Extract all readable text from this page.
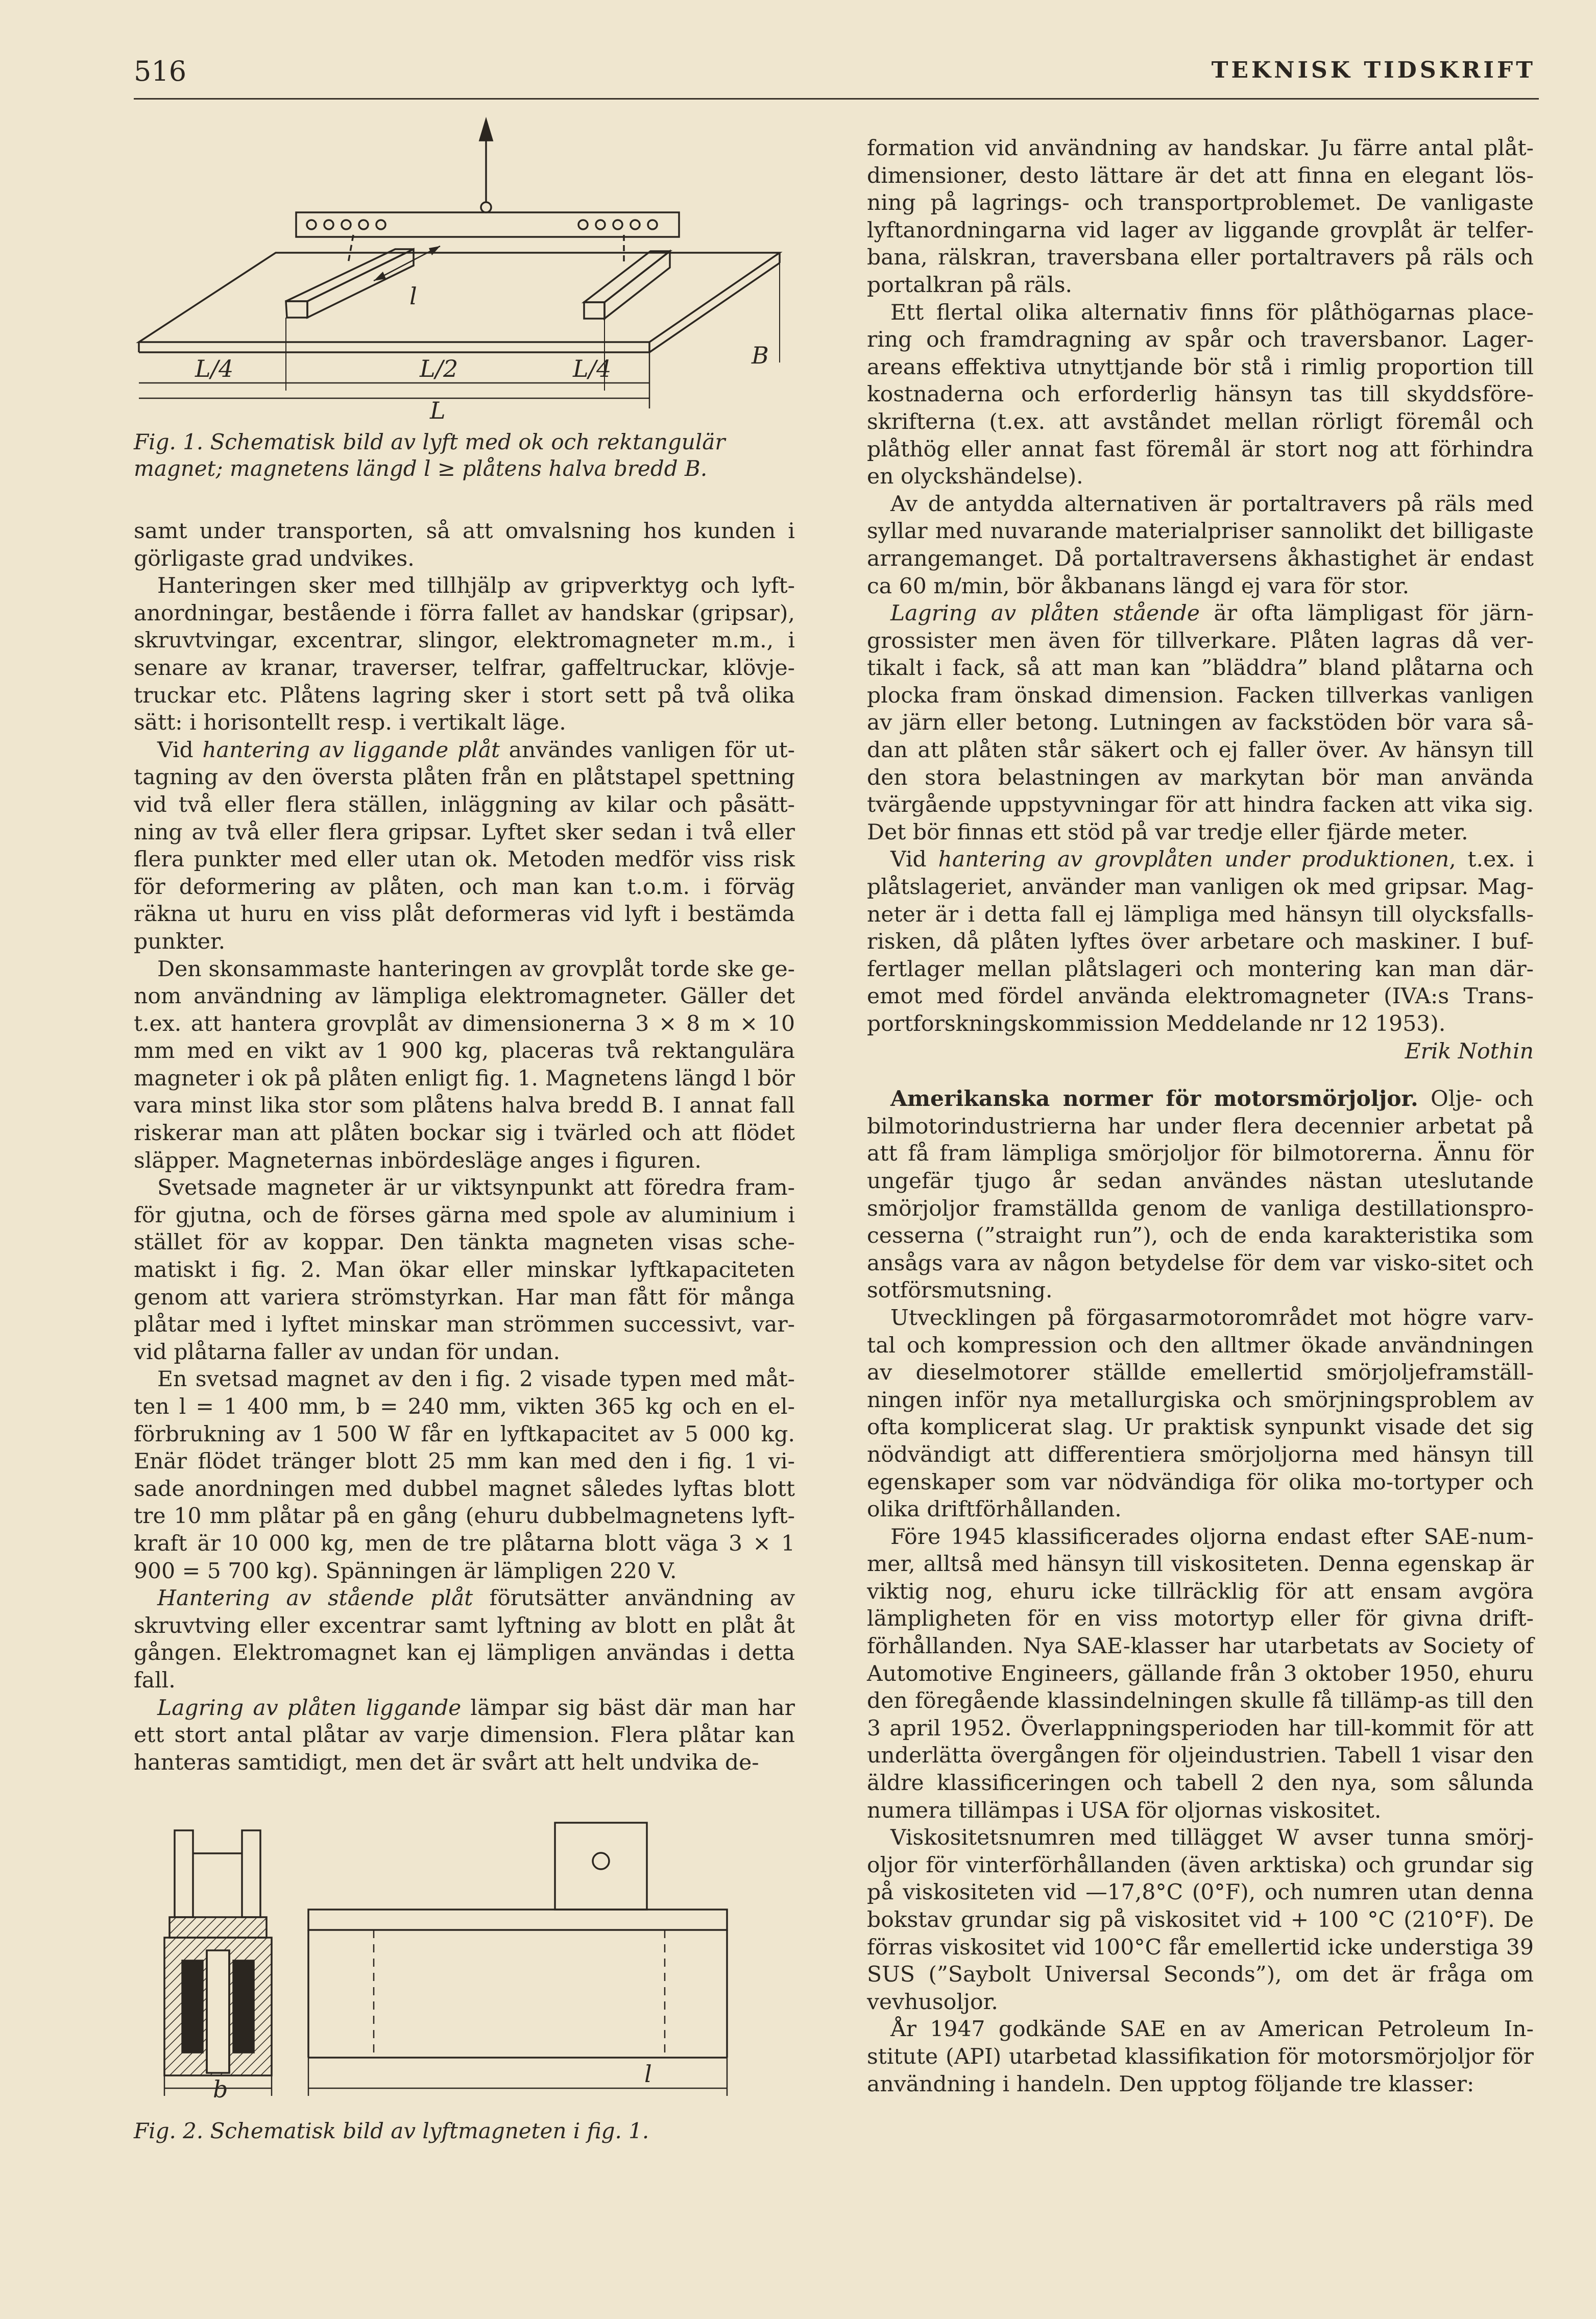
516	TEKNISK TIDSKRIFT
l
L/4	L/2	L/4
L
B
Fig. 1. Schematisk bild av lyft med ok och rektangulär magnet; magnetens längd l ≥ plåtens halva bredd B.

samt under transporten, så att omvalsning hos kunden i görligaste grad undvikes.

Hanteringen sker med tillhjälp av gripverktyg och lyft-anordningar, bestående i förra fallet av handskar (gripsar), skruvtvingar, excentrar, slingor, elektromagneter m.m., i senare av kranar, traverser, telfrar, gaffeltruckar, klövje-truckar etc. Plåtens lagring sker i stort sett på två olika sätt: i horisontellt resp. i vertikalt läge.

Vid hantering av liggande plåt användes vanligen för ut-tagning av den översta plåten från en plåtstapel spettning vid två eller flera ställen, inläggning av kilar och påsätt-ning av två eller flera gripsar. Lyftet sker sedan i två eller flera punkter med eller utan ok. Metoden medför viss risk för deformering av plåten, och man kan t.o.m. i förväg räkna ut huru en viss plåt deformeras vid lyft i bestämda punkter.

Den skonsammaste hanteringen av grovplåt torde ske ge-nom användning av lämpliga elektromagneter. Gäller det t.ex. att hantera grovplåt av dimensionerna 3 × 8 m × 10 mm med en vikt av 1 900 kg, placeras två rektangulära magneter i ok på plåten enligt fig. 1. Magnetens längd l bör vara minst lika stor som plåtens halva bredd B. I annat fall riskerar man att plåten bockar sig i tvärled och att flödet släpper. Magneternas inbördesläge anges i figuren.

Svetsade magneter är ur viktsynpunkt att föredra fram-för gjutna, och de förses gärna med spole av aluminium i stället för av koppar. Den tänkta magneten visas sche-matiskt i fig. 2. Man ökar eller minskar lyftkapaciteten genom att variera strömstyrkan. Har man fått för många plåtar med i lyftet minskar man strömmen successivt, var-vid plåtarna faller av undan för undan.

En svetsad magnet av den i fig. 2 visade typen med måt-ten l = 1 400 mm, b = 240 mm, vikten 365 kg och en el-förbrukning av 1 500 W får en lyftkapacitet av 5 000 kg. Enär flödet tränger blott 25 mm kan med den i fig. 1 vi-sade anordningen med dubbel magnet således lyftas blott tre 10 mm plåtar på en gång (ehuru dubbelmagnetens lyft-kraft är 10 000 kg, men de tre plåtarna blott väga 3 × 1 900 = 5 700 kg). Spänningen är lämpligen 220 V.

Hantering av stående plåt förutsätter användning av skruvtving eller excentrar samt lyftning av blott en plåt åt gången. Elektromagnet kan ej lämpligen användas i detta fall.

Lagring av plåten liggande lämpar sig bäst där man har ett stort antal plåtar av varje dimension. Flera plåtar kan hanteras samtidigt, men det är svårt att helt undvika de-

b
l
Fig. 2. Schematisk bild av lyftmagneten i fig. 1.

formation vid användning av handskar. Ju färre antal plåt-dimensioner, desto lättare är det att finna en elegant lös-ning på lagrings- och transportproblemet. De vanligaste lyftanordningarna vid lager av liggande grovplåt är telfer-bana, rälskran, traversbana eller portaltravers på räls och portalkran på räls.

Ett flertal olika alternativ finns för plåthögarnas place-ring och framdragning av spår och traversbanor. Lager-areans effektiva utnyttjande bör stå i rimlig proportion till kostnaderna och erforderlig hänsyn tas till skyddsföre-skrifterna (t.ex. att avståndet mellan rörligt föremål och plåthög eller annat fast föremål är stort nog att förhindra en olyckshändelse).

Av de antydda alternativen är portaltravers på räls med syllar med nuvarande materialpriser sannolikt det billigaste arrangemanget. Då portaltraversens åkhastighet är endast ca 60 m/min, bör åkbanans längd ej vara för stor.

Lagring av plåten stående är ofta lämpligast för järn-grossister men även för tillverkare. Plåten lagras då ver-tikalt i fack, så att man kan ”bläddra” bland plåtarna och plocka fram önskad dimension. Facken tillverkas vanligen av järn eller betong. Lutningen av fackstöden bör vara så-dan att plåten står säkert och ej faller över. Av hänsyn till den stora belastningen av markytan bör man använda tvärgående uppstyvningar för att hindra facken att vika sig. Det bör finnas ett stöd på var tredje eller fjärde meter.

Vid hantering av grovplåten under produktionen, t.ex. i plåtslageriet, använder man vanligen ok med gripsar. Mag-neter är i detta fall ej lämpliga med hänsyn till olycksfalls-risken, då plåten lyftes över arbetare och maskiner. I buf-fertlager mellan plåtslageri och montering kan man där-emot med fördel använda elektromagneter (IVA:s Trans-portforskningskommission Meddelande nr 12 1953).

Erik Nothin

Amerikanska normer för motorsmörjoljor. Olje- och bilmotorindustrierna har under flera decennier arbetat på att få fram lämpliga smörjoljor för bilmotorerna. Ännu för ungefär tjugo år sedan användes nästan uteslutande smörjoljor framställda genom de vanliga destillationspro-cesserna (”straight run”), och de enda karakteristika som ansågs vara av någon betydelse för dem var visko-sitet och sotförsmutsning.

Utvecklingen på förgasarmotorområdet mot högre varv-tal och kompression och den alltmer ökade användningen av dieselmotorer ställde emellertid smörjoljeframställ-ningen inför nya metallurgiska och smörjningsproblem av ofta komplicerat slag. Ur praktisk synpunkt visade det sig nödvändigt att differentiera smörjoljorna med hänsyn till egenskaper som var nödvändiga för olika mo-tortyper och olika driftförhållanden.

Före 1945 klassificerades oljorna endast efter SAE-num-mer, alltså med hänsyn till viskositeten. Denna egenskap är viktig nog, ehuru icke tillräcklig för att ensam avgöra lämpligheten för en viss motortyp eller för givna drift-förhållanden. Nya SAE-klasser har utarbetats av Society of Automotive Engineers, gällande från 3 oktober 1950, ehuru den föregående klassindelningen skulle få tillämp-as till den 3 april 1952. Överlappningsperioden har till-kommit för att underlätta övergången för oljeindustrien. Tabell 1 visar den äldre klassificeringen och tabell 2 den nya, som sålunda numera tillämpas i USA för oljornas viskositet.

Viskositetsnumren med tillägget W avser tunna smörj-oljor för vinterförhållanden (även arktiska) och grundar sig på viskositeten vid —17,8°C (0°F), och numren utan denna bokstav grundar sig på viskositet vid + 100 °C (210°F). De förras viskositet vid 100°C får emellertid icke understiga 39 SUS (”Saybolt Universal Seconds”), om det är fråga om vevhusoljor.

År 1947 godkände SAE en av American Petroleum In-stitute (API) utarbetad klassifikation för motorsmörjoljor för användning i handeln. Den upptog följande tre klasser:
